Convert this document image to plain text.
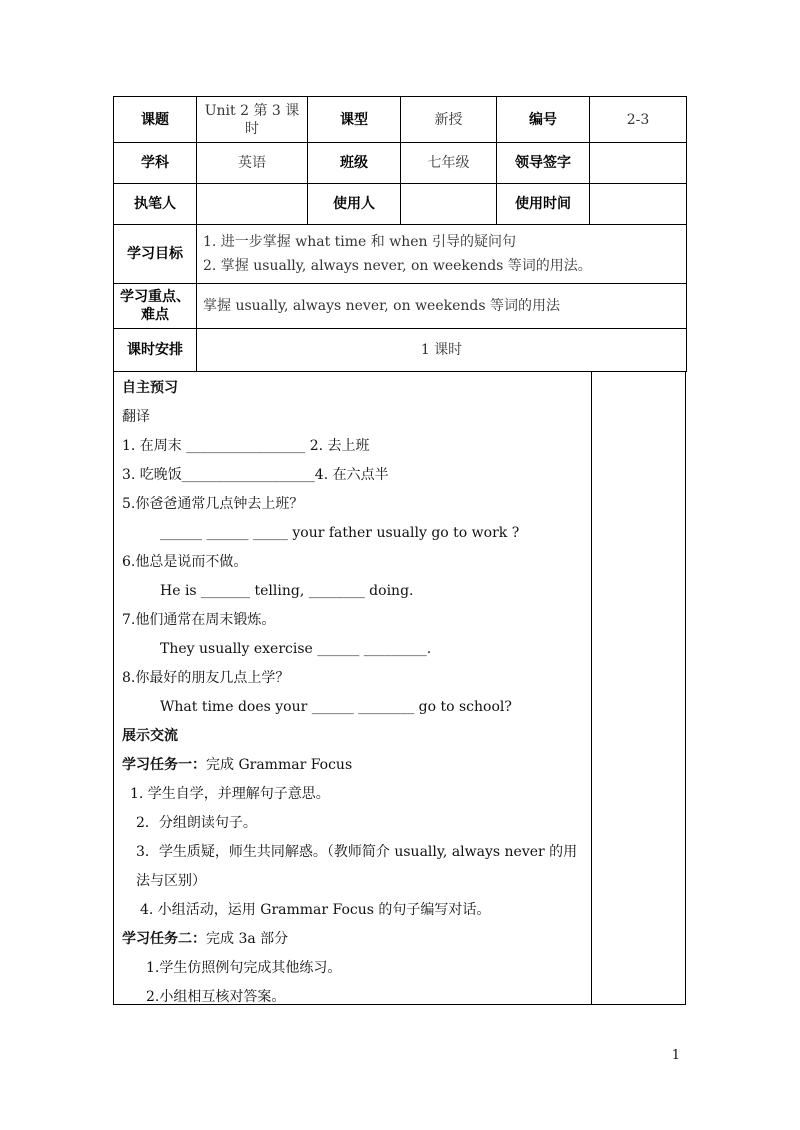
课题	Unit 2 第 3 课时	课型	新授	编号	2-3
学科	英语	班级	七年级	领导签字	
执笔人		使用人		使用时间	
学习目标	1. 进一步掌握 what time 和 when 引导的疑问句
2. 掌握 usually, always never, on weekends 等词的用法。				

学习重点、难点	掌握 usually, always never, on weekends 等词的用法				
课时安排	1 课时				
自主预习
翻译
1. 在周末 _________________ 2. 去上班
3. 吃晚饭___________________4. 在六点半
5.你爸爸通常几点钟去上班？
______ ______ _____ your father usually go to work ?
6.他总是说而不做。
He is _______ telling, ________ doing.
7.他们通常在周末锻炼。
They usually exercise ______ _________.
8.你最好的朋友几点上学？
What time does your ______ ________ go to school?
展示交流
学习任务一：完成 Grammar Focus
1. 学生自学，并理解句子意思。
2．分组朗读句子。
3．学生质疑，师生共同解惑。（教师简介 usually, always never 的用法与区别）
4. 小组活动，运用 Grammar Focus 的句子编写对话。
学习任务二：完成 3a 部分
1.学生仿照例句完成其他练习。
2.小组相互核对答案。
1
